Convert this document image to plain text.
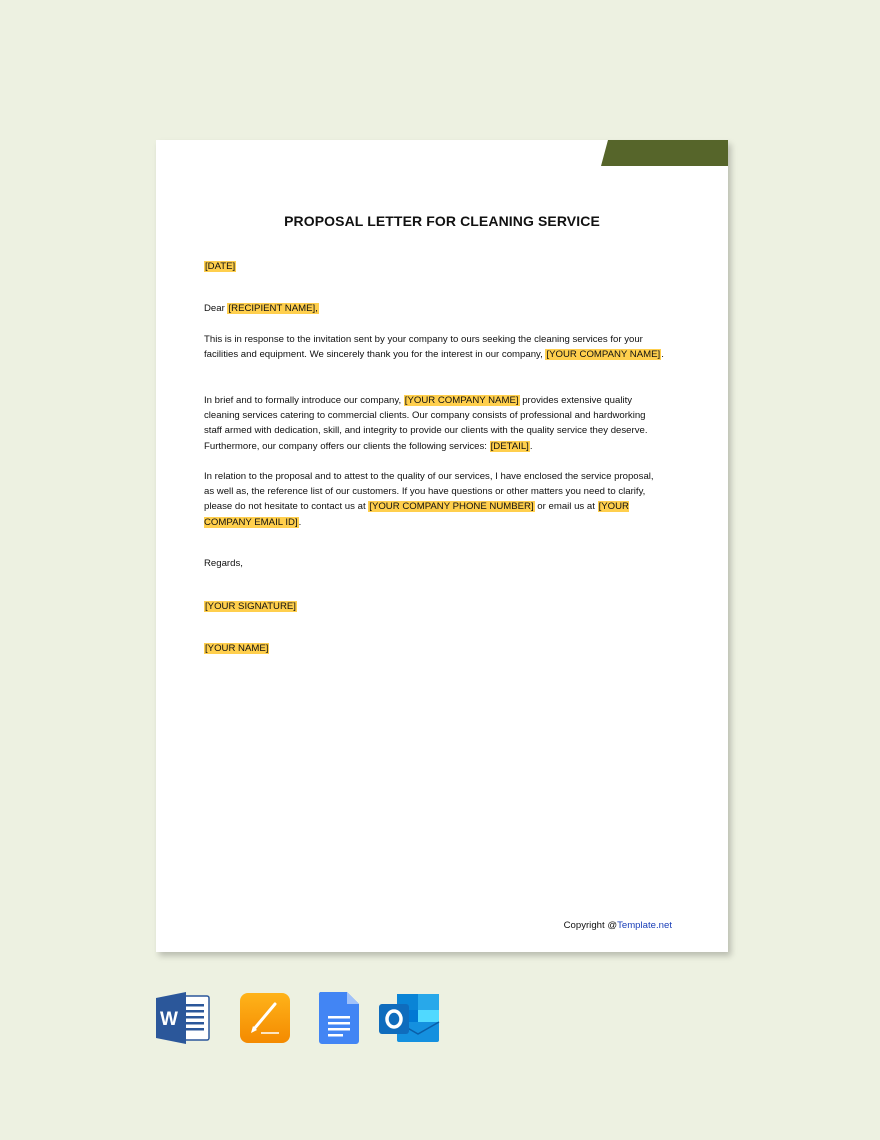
PROPOSAL LETTER FOR CLEANING SERVICE
[DATE]
Dear [RECIPIENT NAME],
This is in response to the invitation sent by your company to ours seeking the cleaning services for your facilities and equipment. We sincerely thank you for the interest in our company, [YOUR COMPANY NAME].
In brief and to formally introduce our company, [YOUR COMPANY NAME] provides extensive quality cleaning services catering to commercial clients. Our company consists of professional and hardworking staff armed with dedication, skill, and integrity to provide our clients with the quality service they deserve. Furthermore, our company offers our clients the following services: [DETAIL].
In relation to the proposal and to attest to the quality of our services, I have enclosed the service proposal, as well as, the reference list of our customers. If you have questions or other matters you need to clarify, please do not hesitate to contact us at [YOUR COMPANY PHONE NUMBER] or email us at [YOUR COMPANY EMAIL ID].
Regards,
[YOUR SIGNATURE]
[YOUR NAME]
Copyright @Template.net
W
